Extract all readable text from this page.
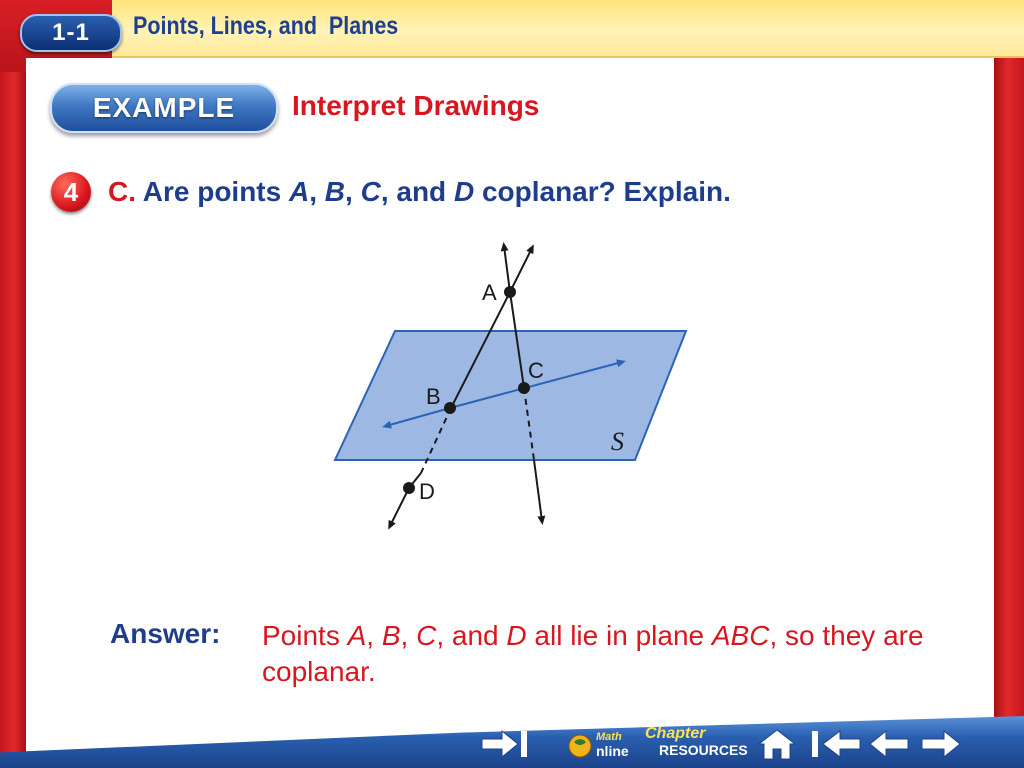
1-1 Points, Lines, and  Planes
EXAMPLE Interpret Drawings
4 C. Are points A, B, C, and D coplanar? Explain.
A
B
C
D
S
Answer: Points A, B, C, and D all lie in plane ABC, so they are coplanar.
Math
nline
Chapter
RESOURCES
